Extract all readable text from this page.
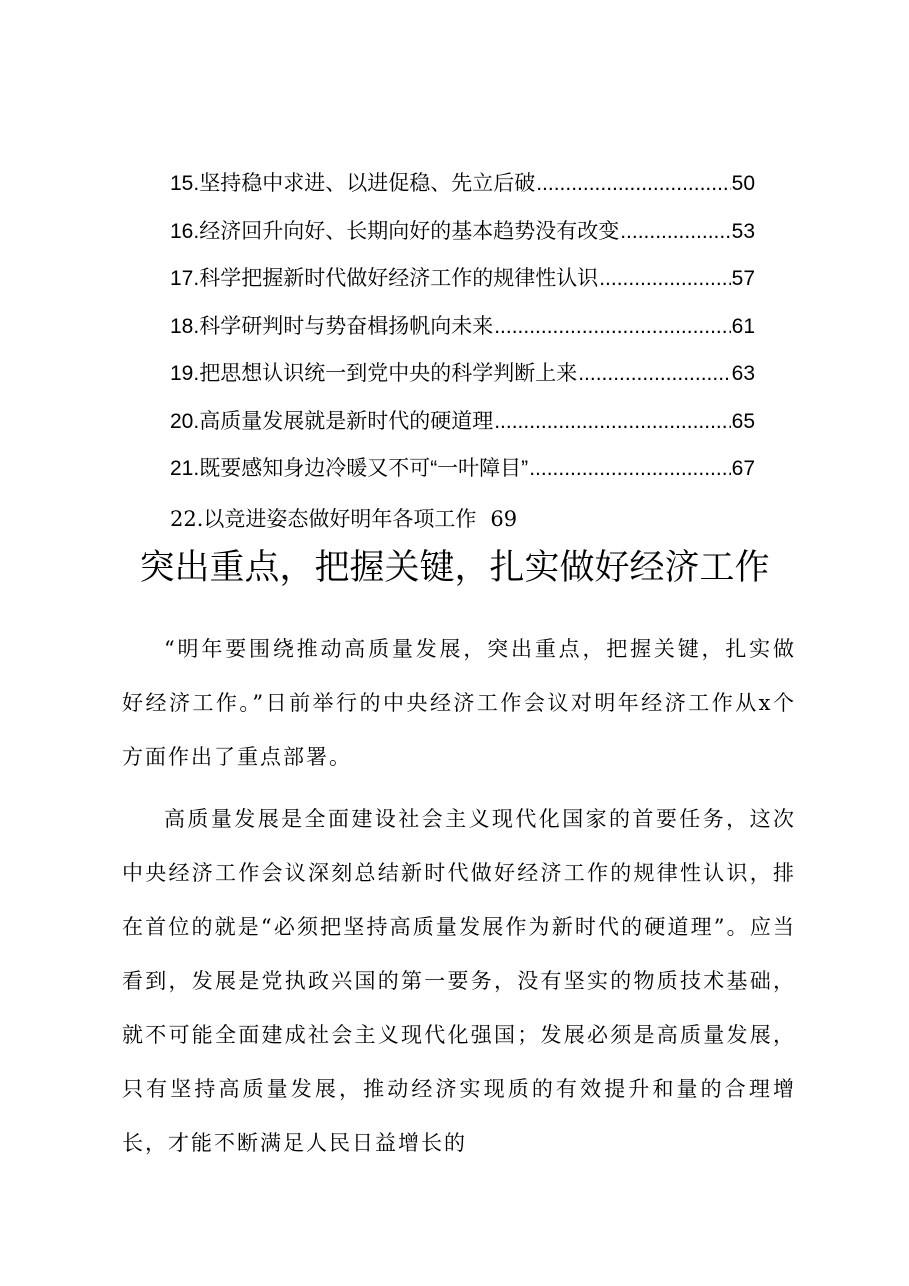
15.坚持稳中求进、以进促稳、先立后破 .....	50
16.经济回升向好、长期向好的基本趋势没有改变 .....	53
17.科学把握新时代做好经济工作的规律性认识 .....	57
18.科学研判时与势奋楫扬帆向未来 .....	61
19.把思想认识统一到党中央的科学判断上来 .....	63
20.高质量发展就是新时代的硬道理 .....	65
21.既要感知身边冷暖又不可“一叶障目” .....	67
22.以竞进姿态做好明年各项工作 69
突出重点，把握关键，扎实做好经济工作

“明年要围绕推动高质量发展，突出重点，把握关键，扎实做好经济工作。”日前举行的中央经济工作会议对明年经济工作从x个方面作出了重点部署。

高质量发展是全面建设社会主义现代化国家的首要任务，这次中央经济工作会议深刻总结新时代做好经济工作的规律性认识，排在首位的就是“必须把坚持高质量发展作为新时代的硬道理”。应当看到，发展是党执政兴国的第一要务，没有坚实的物质技术基础，就不可能全面建成社会主义现代化强国；发展必须是高质量发展，只有坚持高质量发展，推动经济实现质的有效提升和量的合理增长，才能不断满足人民日益增长的
